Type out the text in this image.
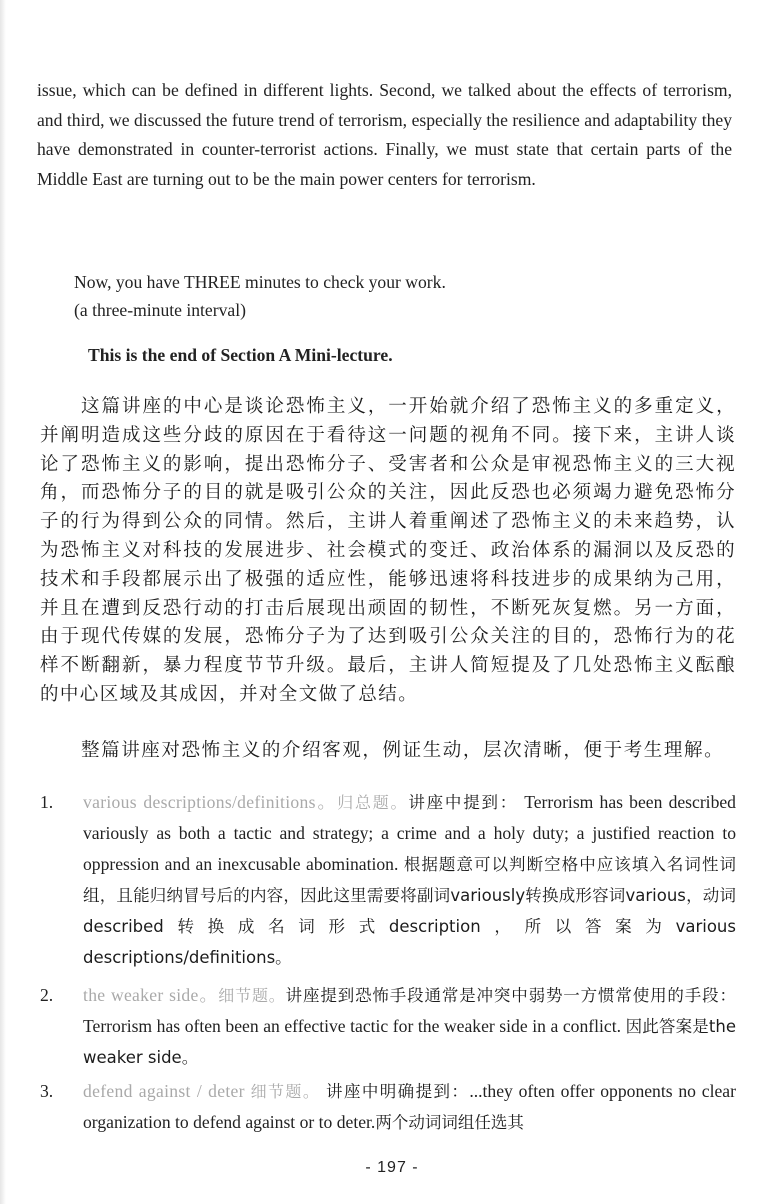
issue, which can be defined in different lights. Second, we talked about the effects of terrorism, and third, we discussed the future trend of terrorism, especially the resilience and adaptability they have demonstrated in counter-terrorist actions. Finally, we must state that certain parts of the Middle East are turning out to be the main power centers for terrorism.

Now, you have THREE minutes to check your work.
(a three-minute interval)
This is the end of Section A Mini-lecture.

这篇讲座的中心是谈论恐怖主义，一开始就介绍了恐怖主义的多重定义，并阐明造成这些分歧的原因在于看待这一问题的视角不同。接下来，主讲人谈论了恐怖主义的影响，提出恐怖分子、受害者和公众是审视恐怖主义的三大视角，而恐怖分子的目的就是吸引公众的关注，因此反恐也必须竭力避免恐怖分子的行为得到公众的同情。然后，主讲人着重阐述了恐怖主义的未来趋势，认为恐怖主义对科技的发展进步、社会模式的变迁、政治体系的漏洞以及反恐的技术和手段都展示出了极强的适应性，能够迅速将科技进步的成果纳为己用，并且在遭到反恐行动的打击后展现出顽固的韧性，不断死灰复燃。另一方面，由于现代传媒的发展，恐怖分子为了达到吸引公众关注的目的，恐怖行为的花样不断翻新，暴力程度节节升级。最后，主讲人简短提及了几处恐怖主义酝酿的中心区域及其成因，并对全文做了总结。

整篇讲座对恐怖主义的介绍客观，例证生动，层次清晰，便于考生理解。
1. various descriptions/definitions。归总题。讲座中提到： Terrorism has been described variously as both a tactic and strategy; a crime and a holy duty; a justified reaction to oppression and an inexcusable abomination. 根据题意可以判断空格中应该填入名词性词组，且能归纳冒号后的内容，因此这里需要将副词variously转换成形容词various，动词described转换成名词形式description，所以答案为various descriptions/definitions。
2. the weaker side。细节题。讲座提到恐怖手段通常是冲突中弱势一方惯常使用的手段： Terrorism has often been an effective tactic for the weaker side in a conflict. 因此答案是the weaker side。
3. defend against / deter 细节题。 讲座中明确提到：...they often offer opponents no clear organization to defend against or to deter.两个动词词组任选其
- 197 -
